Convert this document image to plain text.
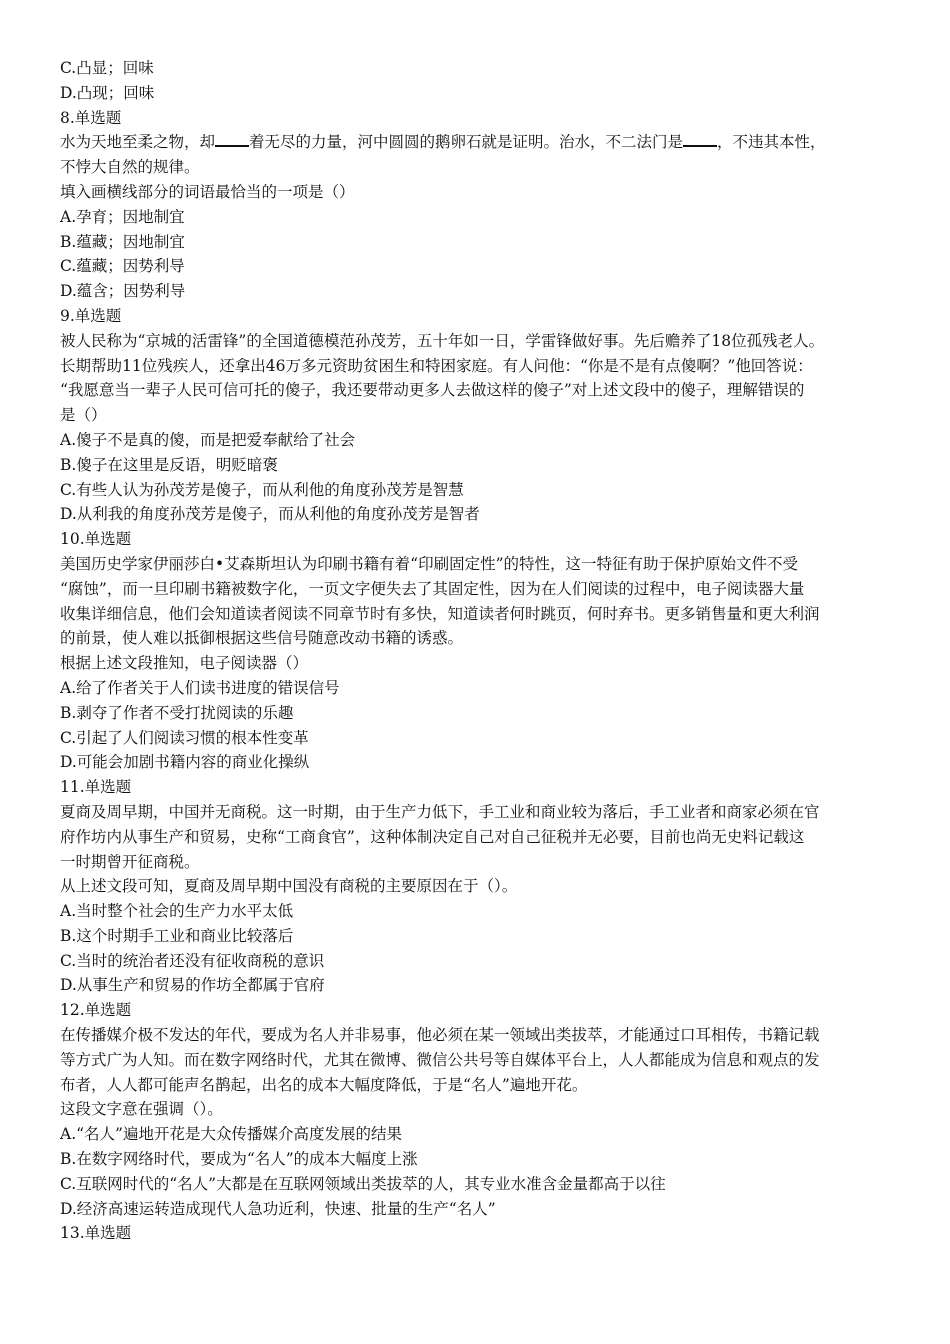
C.凸显；回味
D.凸现；回味
8.单选题
水为天地至柔之物，却 着无尽的力量，河中圆圆的鹅卵石就是证明。治水，不二法门是 ，不违其本性，
不悖大自然的规律。
填入画横线部分的词语最恰当的一项是（）
A.孕育；因地制宜
B.蕴藏；因地制宜
C.蕴藏；因势利导
D.蕴含；因势利导
9.单选题
被人民称为“京城的活雷锋”的全国道德模范孙茂芳，五十年如一日，学雷锋做好事。先后赡养了18位孤残老人。
长期帮助11位残疾人，还拿出46万多元资助贫困生和特困家庭。有人问他：“你是不是有点傻啊？”他回答说：
“我愿意当一辈子人民可信可托的傻子，我还要带动更多人去做这样的傻子”对上述文段中的傻子，理解错误的
是（）
A.傻子不是真的傻，而是把爱奉献给了社会
B.傻子在这里是反语，明贬暗褒
C.有些人认为孙茂芳是傻子，而从利他的角度孙茂芳是智慧
D.从利我的角度孙茂芳是傻子，而从利他的角度孙茂芳是智者
10.单选题
美国历史学家伊丽莎白•艾森斯坦认为印刷书籍有着“印刷固定性”的特性，这一特征有助于保护原始文件不受
“腐蚀”，而一旦印刷书籍被数字化，一页文字便失去了其固定性，因为在人们阅读的过程中，电子阅读器大量
收集详细信息，他们会知道读者阅读不同章节时有多快，知道读者何时跳页，何时弃书。更多销售量和更大利润
的前景，使人难以抵御根据这些信号随意改动书籍的诱惑。
根据上述文段推知，电子阅读器（）
A.给了作者关于人们读书进度的错误信号
B.剥夺了作者不受打扰阅读的乐趣
C.引起了人们阅读习惯的根本性变革
D.可能会加剧书籍内容的商业化操纵
11.单选题
夏商及周早期，中国并无商税。这一时期，由于生产力低下，手工业和商业较为落后，手工业者和商家必须在官
府作坊内从事生产和贸易，史称“工商食官”，这种体制决定自己对自己征税并无必要，目前也尚无史料记载这
一时期曾开征商税。
从上述文段可知，夏商及周早期中国没有商税的主要原因在于（）。
A.当时整个社会的生产力水平太低
B.这个时期手工业和商业比较落后
C.当时的统治者还没有征收商税的意识
D.从事生产和贸易的作坊全都属于官府
12.单选题
在传播媒介极不发达的年代，要成为名人并非易事，他必须在某一领域出类拔萃，才能通过口耳相传，书籍记载
等方式广为人知。而在数字网络时代，尤其在微博、微信公共号等自媒体平台上，人人都能成为信息和观点的发
布者，人人都可能声名鹊起，出名的成本大幅度降低，于是“名人”遍地开花。
这段文字意在强调（）。
A.“名人”遍地开花是大众传播媒介高度发展的结果
B.在数字网络时代，要成为“名人”的成本大幅度上涨
C.互联网时代的“名人”大都是在互联网领域出类拔萃的人，其专业水准含金量都高于以往
D.经济高速运转造成现代人急功近利，快速、批量的生产“名人”
13.单选题
